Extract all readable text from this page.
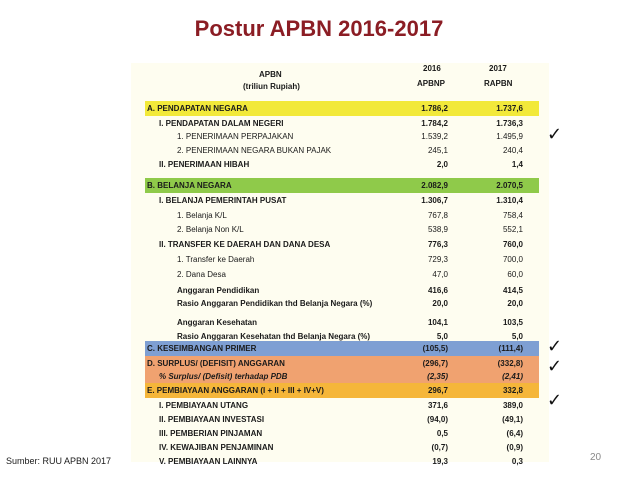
Postur APBN 2016-2017
APBN
(triliun Rupiah)
2016	2017
APBNP	RAPBN
A. PENDAPATAN NEGARA	1.786,2	1.737,6
I. PENDAPATAN DALAM NEGERI	1.784,2	1.736,3
1. PENERIMAAN PERPAJAKAN	1.539,2	1.495,9
2. PENERIMAAN NEGARA BUKAN PAJAK	245,1	240,4
II. PENERIMAAN HIBAH	2,0	1,4
B. BELANJA NEGARA	2.082,9	2.070,5
I. BELANJA PEMERINTAH PUSAT	1.306,7	1.310,4
1. Belanja K/L	767,8	758,4
2. Belanja Non K/L	538,9	552,1
II. TRANSFER KE DAERAH DAN DANA DESA	776,3	760,0
1. Transfer ke Daerah	729,3	700,0
2. Dana Desa	47,0	60,0
Anggaran Pendidikan	416,6	414,5
Rasio Anggaran Pendidikan thd Belanja Negara (%)	20,0	20,0
Anggaran Kesehatan	104,1	103,5
Rasio Anggaran Kesehatan thd Belanja Negara (%)	5,0	5,0
C. KESEIMBANGAN PRIMER	(105,5)	(111,4)
D. SURPLUS/ (DEFISIT) ANGGARAN	(296,7)	(332,8)
% Surplus/ (Defisit) terhadap PDB	(2,35)	(2,41)
E. PEMBIAYAAN ANGGARAN (I + II + III + IV+V)	296,7	332,8
I. PEMBIAYAAN UTANG	371,6	389,0
II. PEMBIAYAAN INVESTASI	(94,0)	(49,1)
III. PEMBERIAN PINJAMAN	0,5	(6,4)
IV. KEWAJIBAN PENJAMINAN	(0,7)	(0,9)
V. PEMBIAYAAN LAINNYA	19,3	0,3
✓
✓
✓
✓
Sumber: RUU APBN 2017	20
